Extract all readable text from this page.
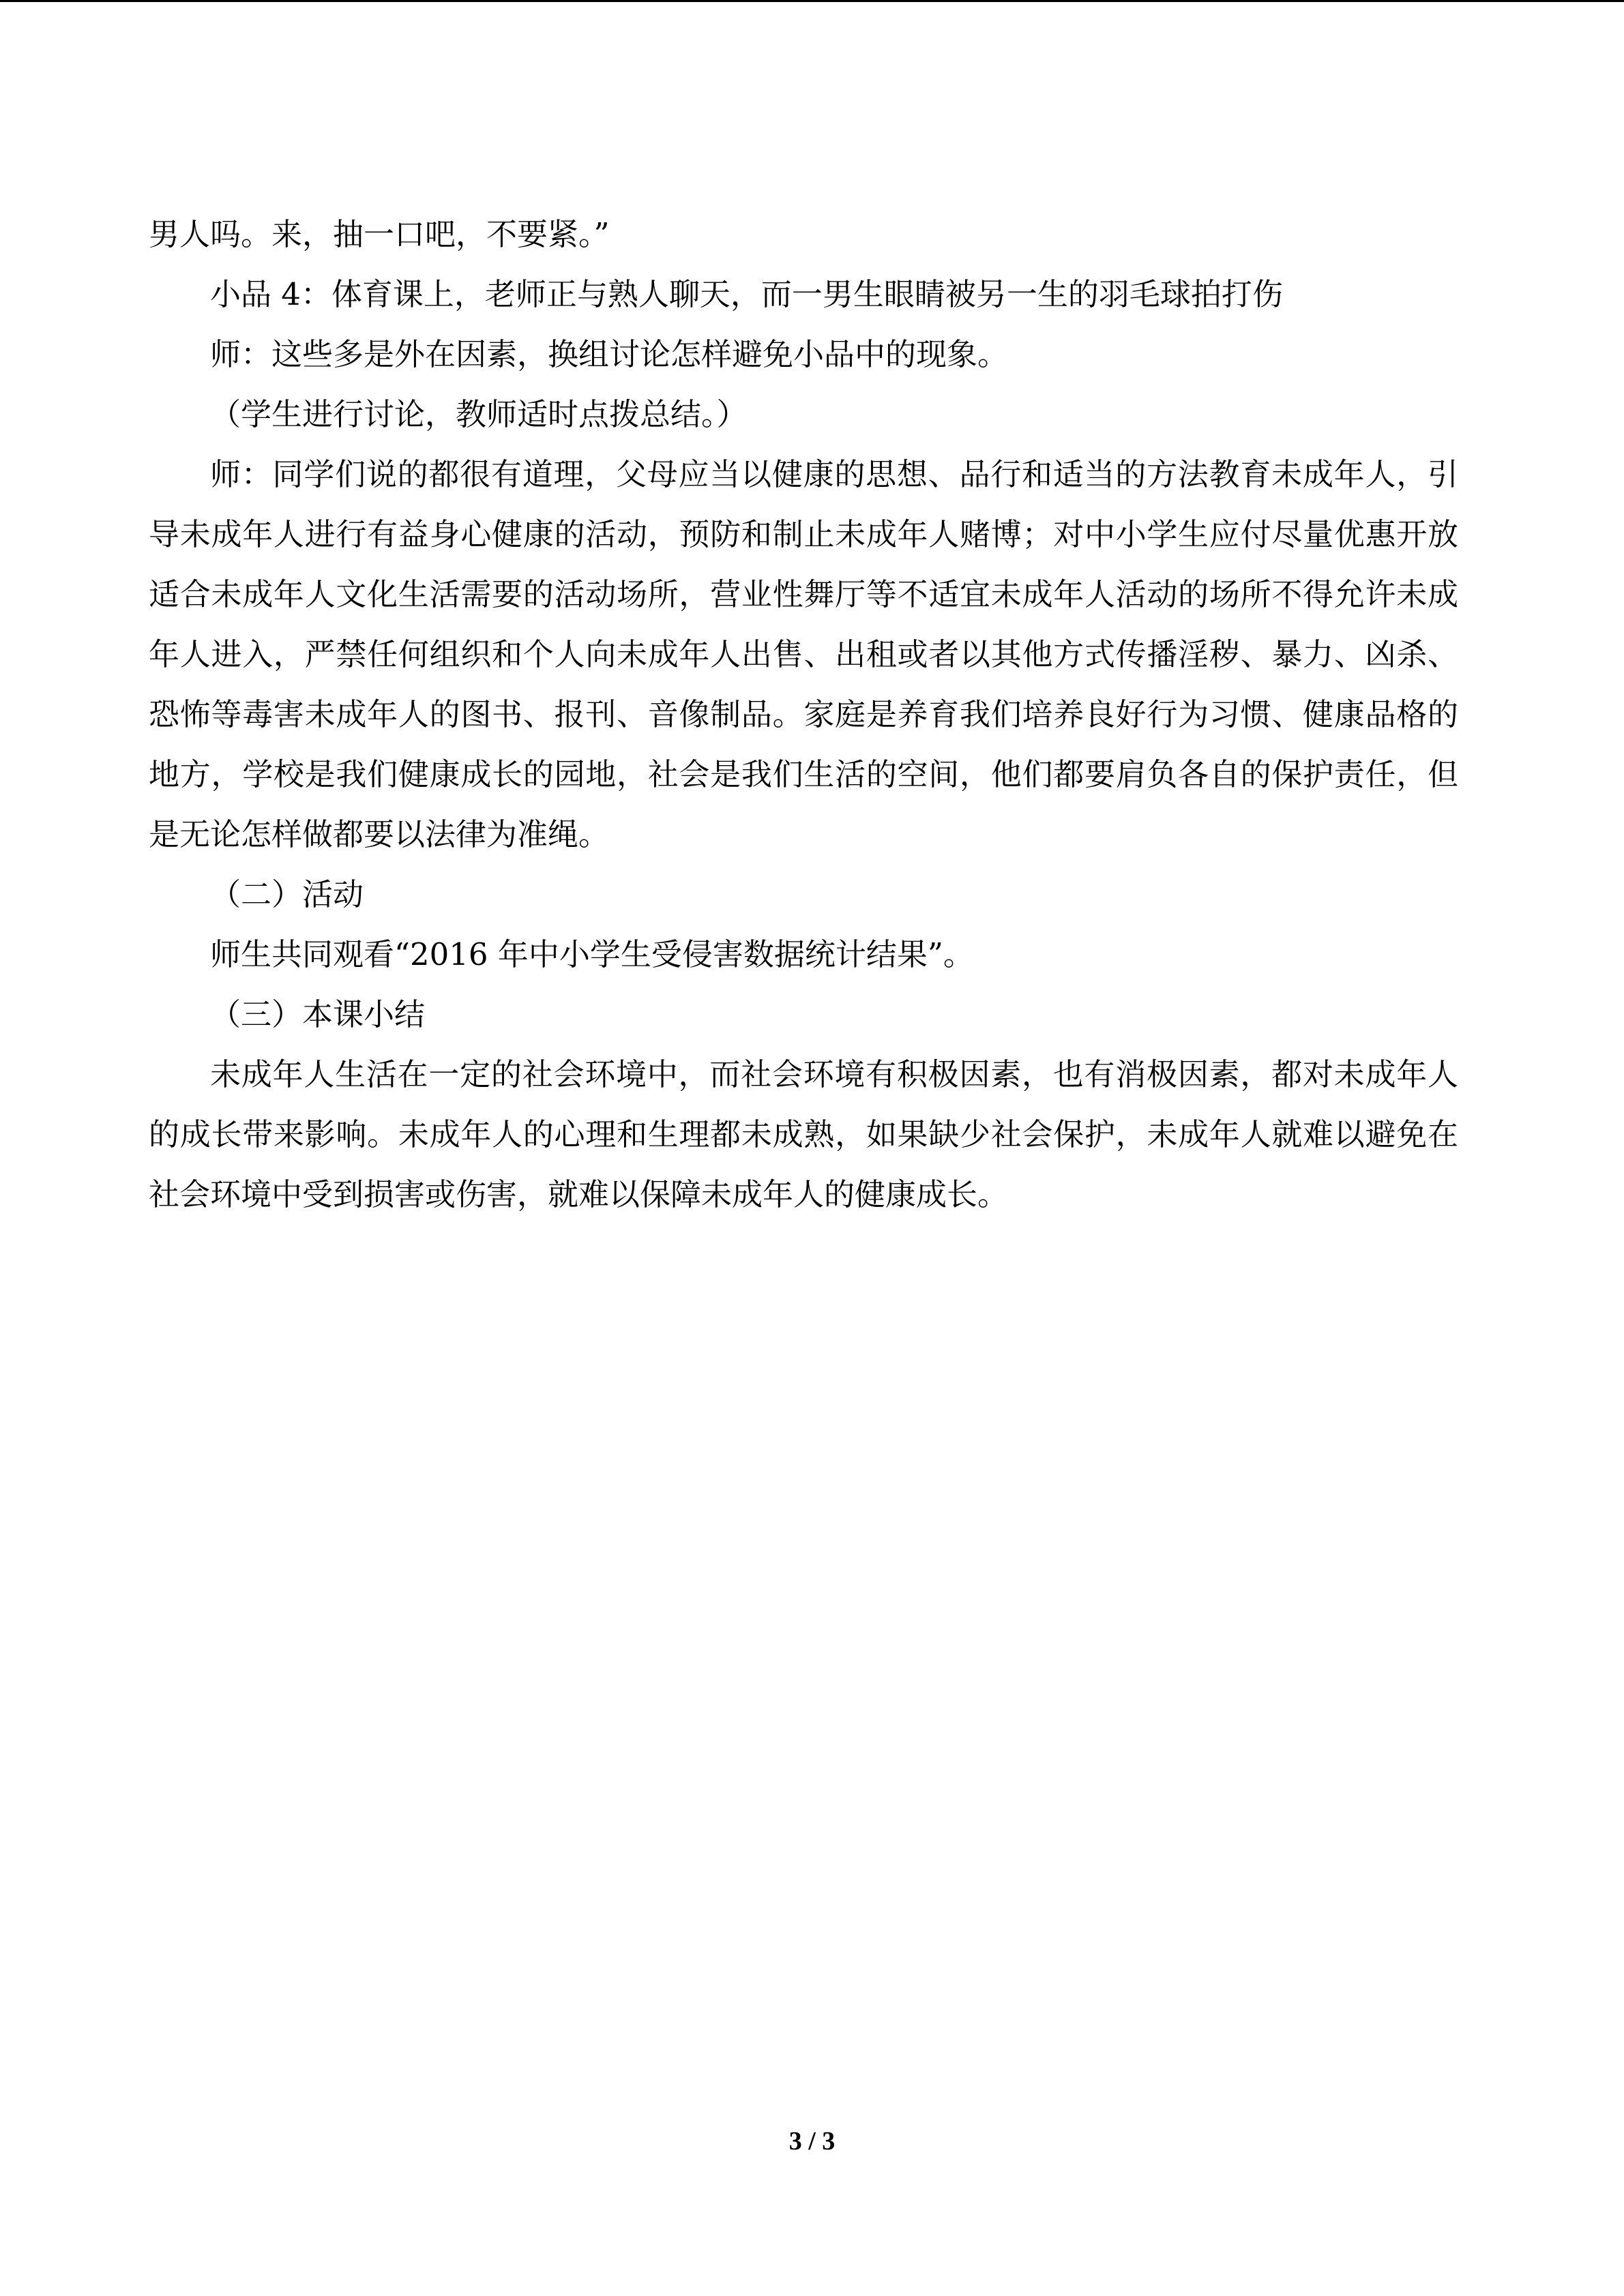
男人吗。来，抽一口吧，不要紧。”

小品 4：体育课上，老师正与熟人聊天，而一男生眼睛被另一生的羽毛球拍打伤

师：这些多是外在因素，换组讨论怎样避免小品中的现象。

（学生进行讨论，教师适时点拨总结。）

师：同学们说的都很有道理，父母应当以健康的思想、品行和适当的方法教育未成年人，引导未成年人进行有益身心健康的活动，预防和制止未成年人赌博；对中小学生应付尽量优惠开放适合未成年人文化生活需要的活动场所，营业性舞厅等不适宜未成年人活动的场所不得允许未成年人进入，严禁任何组织和个人向未成年人出售、出租或者以其他方式传播淫秽、暴力、凶杀、恐怖等毒害未成年人的图书、报刊、音像制品。家庭是养育我们培养良好行为习惯、健康品格的地方，学校是我们健康成长的园地，社会是我们生活的空间，他们都要肩负各自的保护责任，但是无论怎样做都要以法律为准绳。

（二）活动

师生共同观看“2016 年中小学生受侵害数据统计结果”。

（三）本课小结

未成年人生活在一定的社会环境中，而社会环境有积极因素，也有消极因素，都对未成年人的成长带来影响。未成年人的心理和生理都未成熟，如果缺少社会保护，未成年人就难以避免在社会环境中受到损害或伤害，就难以保障未成年人的健康成长。

3 / 3
